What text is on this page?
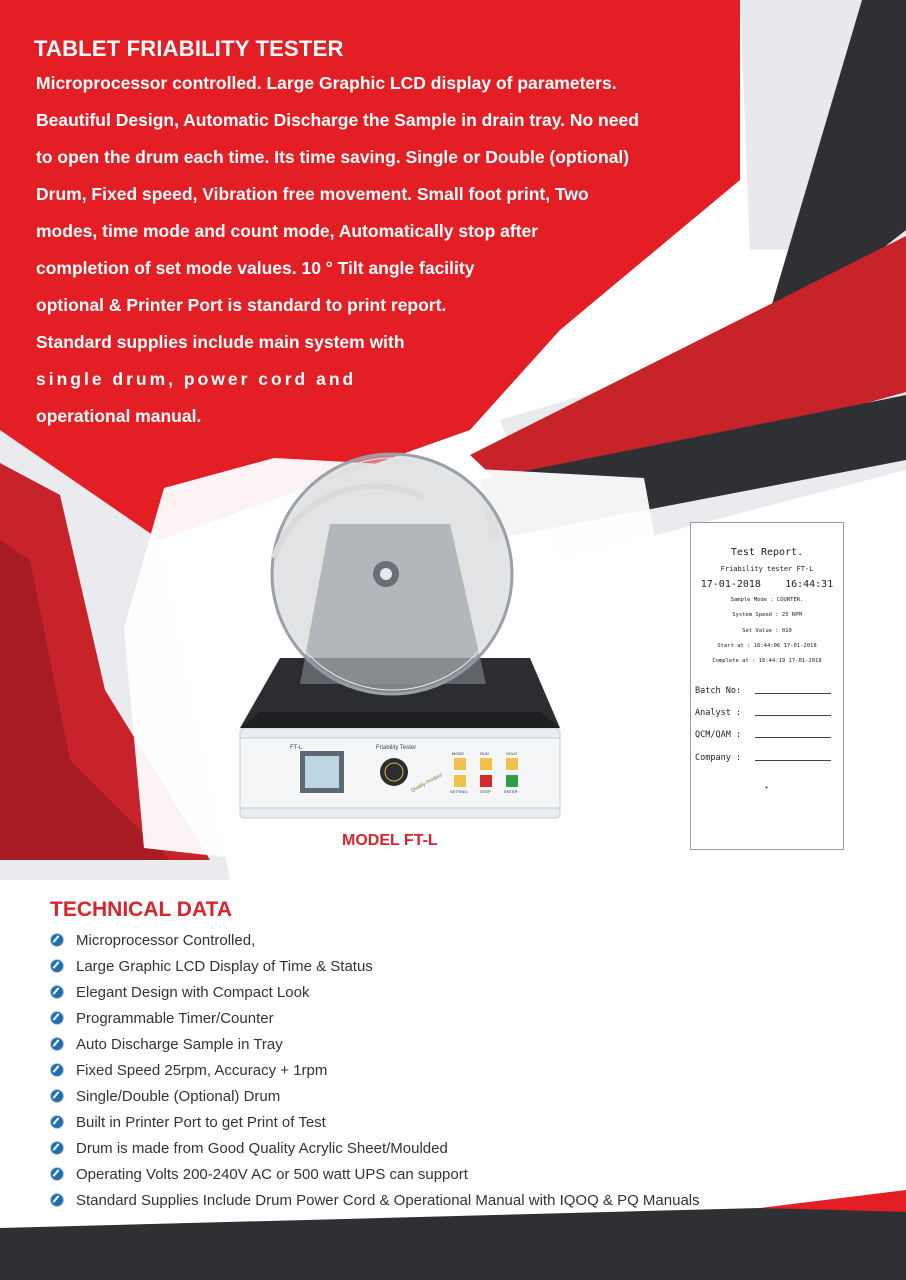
TABLET FRIABILITY TESTER
Microprocessor controlled. Large Graphic LCD display of parameters.
Beautiful Design, Automatic Discharge the Sample in drain tray. No need
to open the drum each time. Its time saving. Single or Double (optional)
Drum, Fixed speed, Vibration free movement. Small foot print, Two
modes, time mode and count mode, Automatically stop after
completion of set mode values. 10 ° Tilt angle facility
optional & Printer Port is standard to print report.
Standard supplies include main system with
single drum, power cord and
operational manual.
FT-L	Friability Tester
Quality Product
MODE	RUN	HOLD
SETTING	STOP	ENTER
MODEL FT-L
Test Report.
Friability tester FT-L
17-01-2018 16:44:31
Sample Mode : COUNTER.
System Speed : 25 RPM
Set Value : 010
Start at : 16:44:06 17-01-2018
Complete at : 16:44:19 17-01-2018
Batch No:
Analyst :
QCM/QAM :
Company :
▸
TECHNICAL DATA
Microprocessor Controlled,
Large Graphic LCD Display of Time & Status
Elegant Design with Compact Look
Programmable Timer/Counter
Auto Discharge Sample in Tray
Fixed Speed 25rpm, Accuracy + 1rpm
Single/Double (Optional) Drum
Built in Printer Port to get Print of Test
Drum is made from Good Quality Acrylic Sheet/Moulded
Operating Volts 200-240V AC or 500 watt UPS can support
Standard Supplies Include Drum Power Cord & Operational Manual with IQOQ & PQ Manuals
